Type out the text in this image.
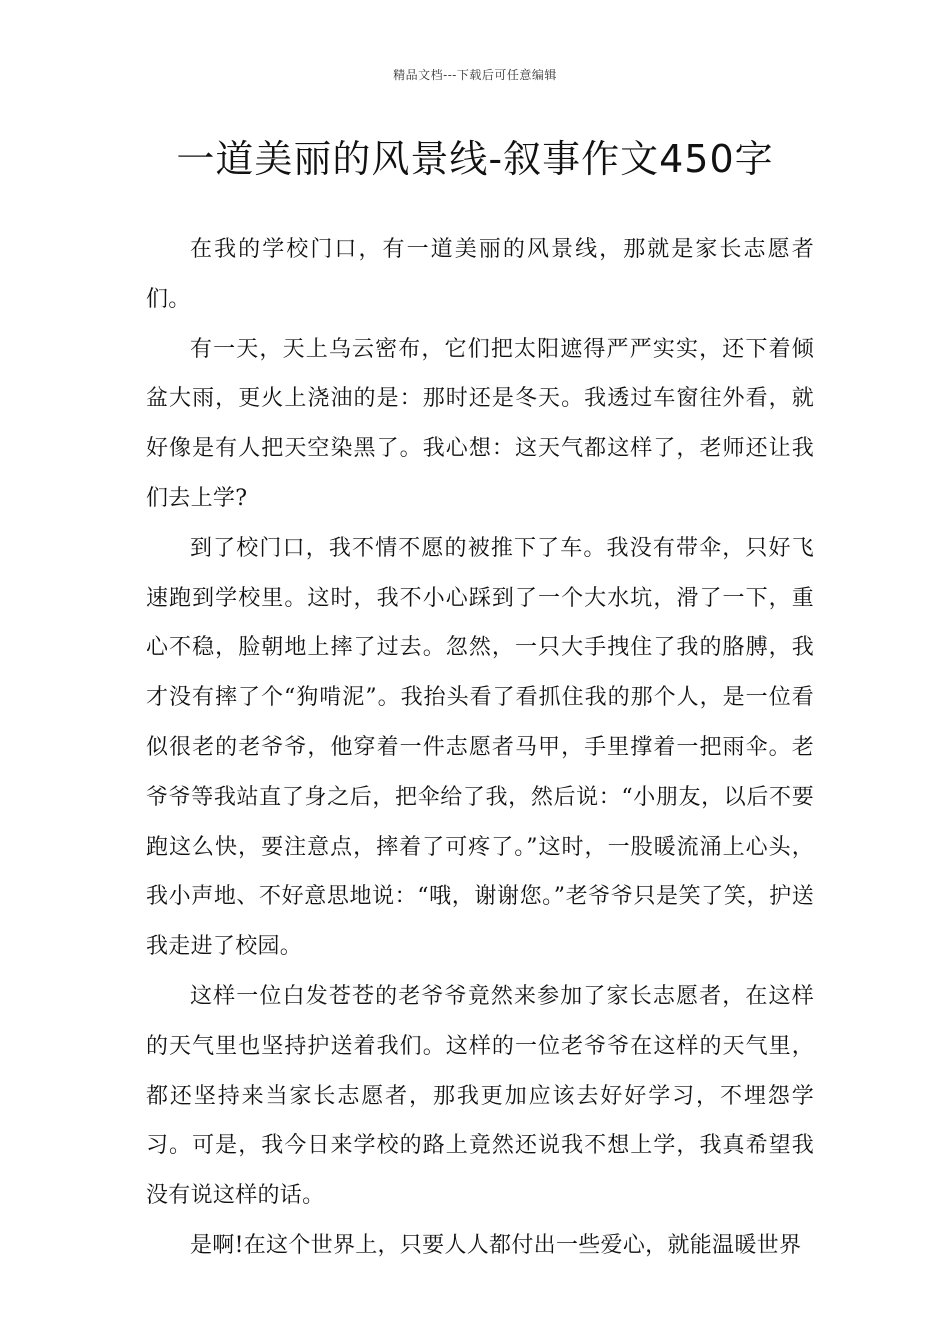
精品文档---下载后可任意编辑
一道美丽的风景线-叙事作文450字

在我的学校门口，有一道美丽的风景线，那就是家长志愿者们。

有一天，天上乌云密布，它们把太阳遮得严严实实，还下着倾盆大雨，更火上浇油的是：那时还是冬天。我透过车窗往外看，就好像是有人把天空染黑了。我心想：这天气都这样了，老师还让我们去上学?

到了校门口，我不情不愿的被推下了车。我没有带伞，只好飞速跑到学校里。这时，我不小心踩到了一个大水坑，滑了一下，重心不稳，脸朝地上摔了过去。忽然，一只大手拽住了我的胳膊，我才没有摔了个“狗啃泥”。我抬头看了看抓住我的那个人，是一位看似很老的老爷爷，他穿着一件志愿者马甲，手里撑着一把雨伞。老爷爷等我站直了身之后，把伞给了我，然后说：“小朋友，以后不要跑这么快，要注意点，摔着了可疼了。”这时，一股暖流涌上心头，我小声地、不好意思地说：“哦，谢谢您。”老爷爷只是笑了笑，护送我走进了校园。

这样一位白发苍苍的老爷爷竟然来参加了家长志愿者，在这样的天气里也坚持护送着我们。这样的一位老爷爷在这样的天气里，都还坚持来当家长志愿者，那我更加应该去好好学习，不埋怨学习。可是，我今日来学校的路上竟然还说我不想上学，我真希望我没有说这样的话。

是啊!在这个世界上，只要人人都付出一些爱心，就能温暖世界
